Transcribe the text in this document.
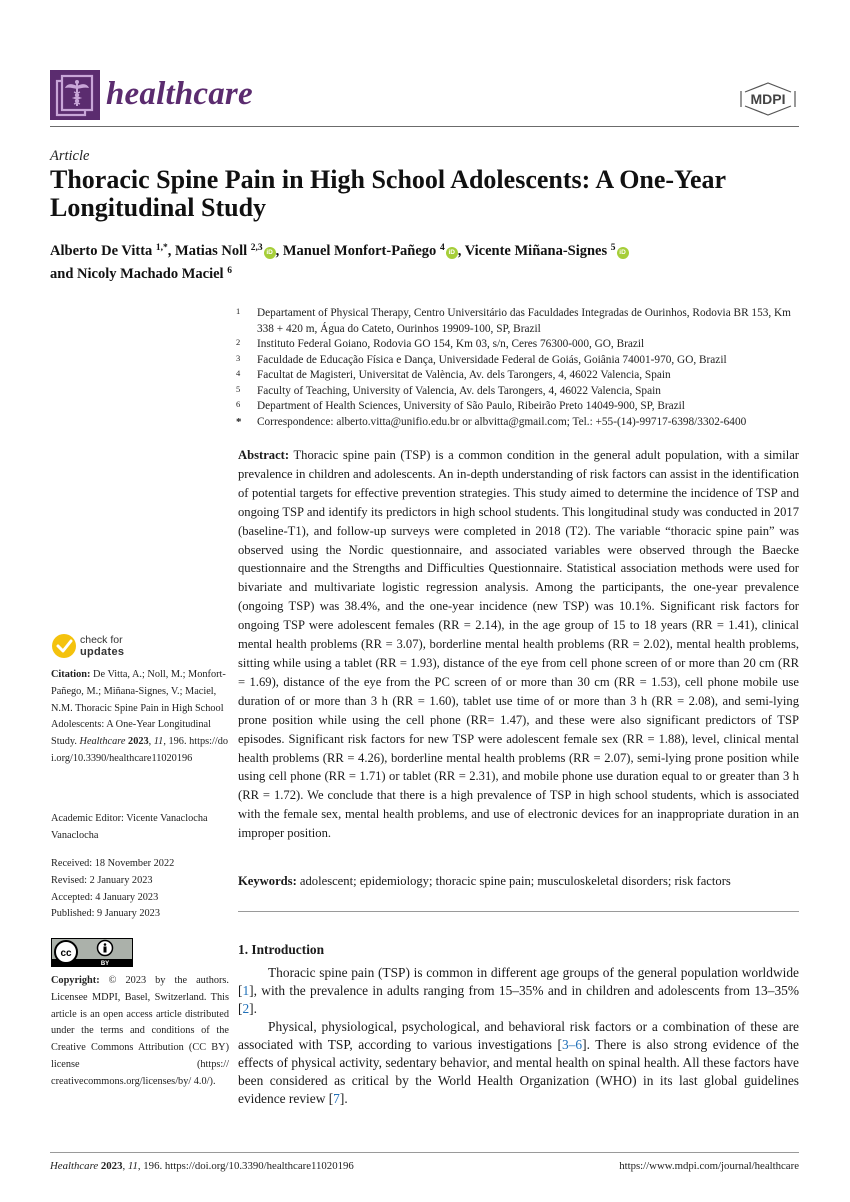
healthcare	MDPI
Article
Thoracic Spine Pain in High School Adolescents: A One-Year Longitudinal Study
Alberto De Vitta $^{1,*}$, Matias Noll $^{2,3}$ iD , Manuel Monfort-Pañego $^4$ iD , Vicente Miñana-Signes $^5$ iD
and Nicoly Machado Maciel $^6$
1 Departament of Physical Therapy, Centro Universitário das Faculdades Integradas de Ourinhos, Rodovia BR 153, Km 338 + 420 m, Água do Cateto, Ourinhos 19909-100, SP, Brazil
2 Instituto Federal Goiano, Rodovia GO 154, Km 03, s/n, Ceres 76300-000, GO, Brazil
3 Faculdade de Educação Física e Dança, Universidade Federal de Goiás, Goiânia 74001-970, GO, Brazil
4 Facultat de Magisteri, Universitat de València, Av. dels Tarongers, 4, 46022 Valencia, Spain
5 Faculty of Teaching, University of Valencia, Av. dels Tarongers, 4, 46022 Valencia, Spain
6 Department of Health Sciences, University of São Paulo, Ribeirão Preto 14049-900, SP, Brazil
* Correspondence: alberto.vitta@unifio.edu.br or albvitta@gmail.com; Tel.: +55-(14)-99717-6398/3302-6400
Abstract: Thoracic spine pain (TSP) is a common condition in the general adult population, with a similar prevalence in children and adolescents. An in-depth understanding of risk factors can assist in the identification of potential targets for effective prevention strategies. This study aimed to determine the incidence of TSP and ongoing TSP and identify its predictors in high school students. This longitudinal study was conducted in 2017 (baseline-T1), and follow-up surveys were completed in 2018 (T2). The variable “thoracic spine pain” was observed using the Nordic questionnaire, and associated variables were observed through the Baecke questionnaire and the Strengths and Difficulties Questionnaire. Statistical association methods were used for bivariate and multivariate logistic regression analysis. Among the participants, the one-year prevalence (ongoing TSP) was 38.4%, and the one-year incidence (new TSP) was 10.1%. Significant risk factors for ongoing TSP were adolescent females (RR = 2.14), in the age group of 15 to 18 years (RR = 1.41), clinical mental health problems (RR = 3.07), borderline mental health problems (RR = 2.02), mental health problems, sitting while using a tablet (RR = 1.93), distance of the eye from cell phone screen of or more than 20 cm (RR = 1.69), distance of the eye from the PC screen of or more than 30 cm (RR = 1.53), cell phone mobile use duration of or more than 3 h (RR = 1.60), tablet use time of or more than 3 h (RR = 2.08), and semi-lying prone position while using the cell phone (RR= 1.47), and these were also significant predictors of TSP episodes. Significant risk factors for new TSP were adolescent female sex (RR = 1.88), level, clinical mental health problems (RR = 4.26), borderline mental health problems (RR = 2.07), semi-lying prone position while using cell phone (RR = 1.71) or tablet (RR = 2.31), and mobile phone use duration equal to or greater than 3 h (RR = 1.72). We conclude that there is a high prevalence of TSP in high school students, which is associated with the female sex, mental health problems, and use of electronic devices for an inappropriate duration in an improper position.
Keywords: adolescent; epidemiology; thoracic spine pain; musculoskeletal disorders; risk factors
1. Introduction

Thoracic spine pain (TSP) is common in different age groups of the general population worldwide [1], with the prevalence in adults ranging from 15–35% and in children and adolescents from 13–35% [2].

Physical, physiological, psychological, and behavioral risk factors or a combination of these are associated with TSP, according to various investigations [3–6]. There is also strong evidence of the effects of physical activity, sedentary behavior, and mental health on spinal health. All these factors have been considered as critical by the World Health Organization (WHO) in its last global guidelines evidence review [7].

check for
updates
Citation: De Vitta, A.; Noll, M.; Monfort-Pañego, M.; Miñana-Signes, V.; Maciel, N.M. Thoracic Spine Pain in High School Adolescents: A One-Year Longitudinal Study. Healthcare 2023, 11, 196. https://doi.org/10.3390/healthcare11020196
Academic Editor: Vicente Vanaclocha Vanaclocha
Received: 18 November 2022
Revised: 2 January 2023
Accepted: 4 January 2023
Published: 9 January 2023
cc
BY
Copyright: © 2023 by the authors. Licensee MDPI, Basel, Switzerland. This article is an open access article distributed under the terms and conditions of the Creative Commons Attribution (CC BY) license (https:// creativecommons.org/licenses/by/ 4.0/).
Healthcare 2023, 11, 196. https://doi.org/10.3390/healthcare11020196	https://www.mdpi.com/journal/healthcare
